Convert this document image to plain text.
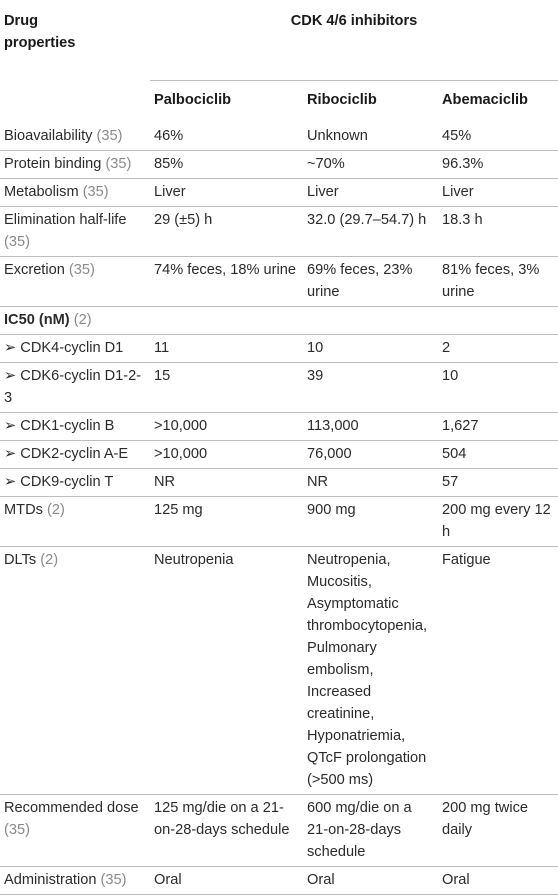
Drug
properties	CDK 4/6 inhibitors		
	Palbociclib	Ribociclib	Abemaciclib
Bioavailability (35)	46%	Unknown	45%
Protein binding (35)	85%	~70%	96.3%
Metabolism (35)	Liver	Liver	Liver
Elimination half-life (35)	29 (±5) h	32.0 (29.7–54.7) h	18.3 h
Excretion (35)	74% feces, 18% urine	69% feces, 23% urine	81% feces, 3% urine
IC50 (nM) (2)			
➢ CDK4-cyclin D1	11	10	2
➢ CDK6-cyclin D1-2-3	15	39	10
➢ CDK1-cyclin B	>10,000	113,000	1,627
➢ CDK2-cyclin A-E	>10,000	76,000	504
➢ CDK9-cyclin T	NR	NR	57
MTDs (2)	125 mg	900 mg	200 mg every 12 h
DLTs (2)	Neutropenia	Neutropenia, Mucositis, Asymptomatic thrombocytopenia, Pulmonary embolism, Increased creatinine, Hyponatriemia, QTcF prolongation (>500 ms)	Fatigue
Recommended dose (35)	125 mg/die on a 21-on-28-days schedule	600 mg/die on a 21-on-28-days schedule	200 mg twice daily
Administration (35)	Oral	Oral	Oral
